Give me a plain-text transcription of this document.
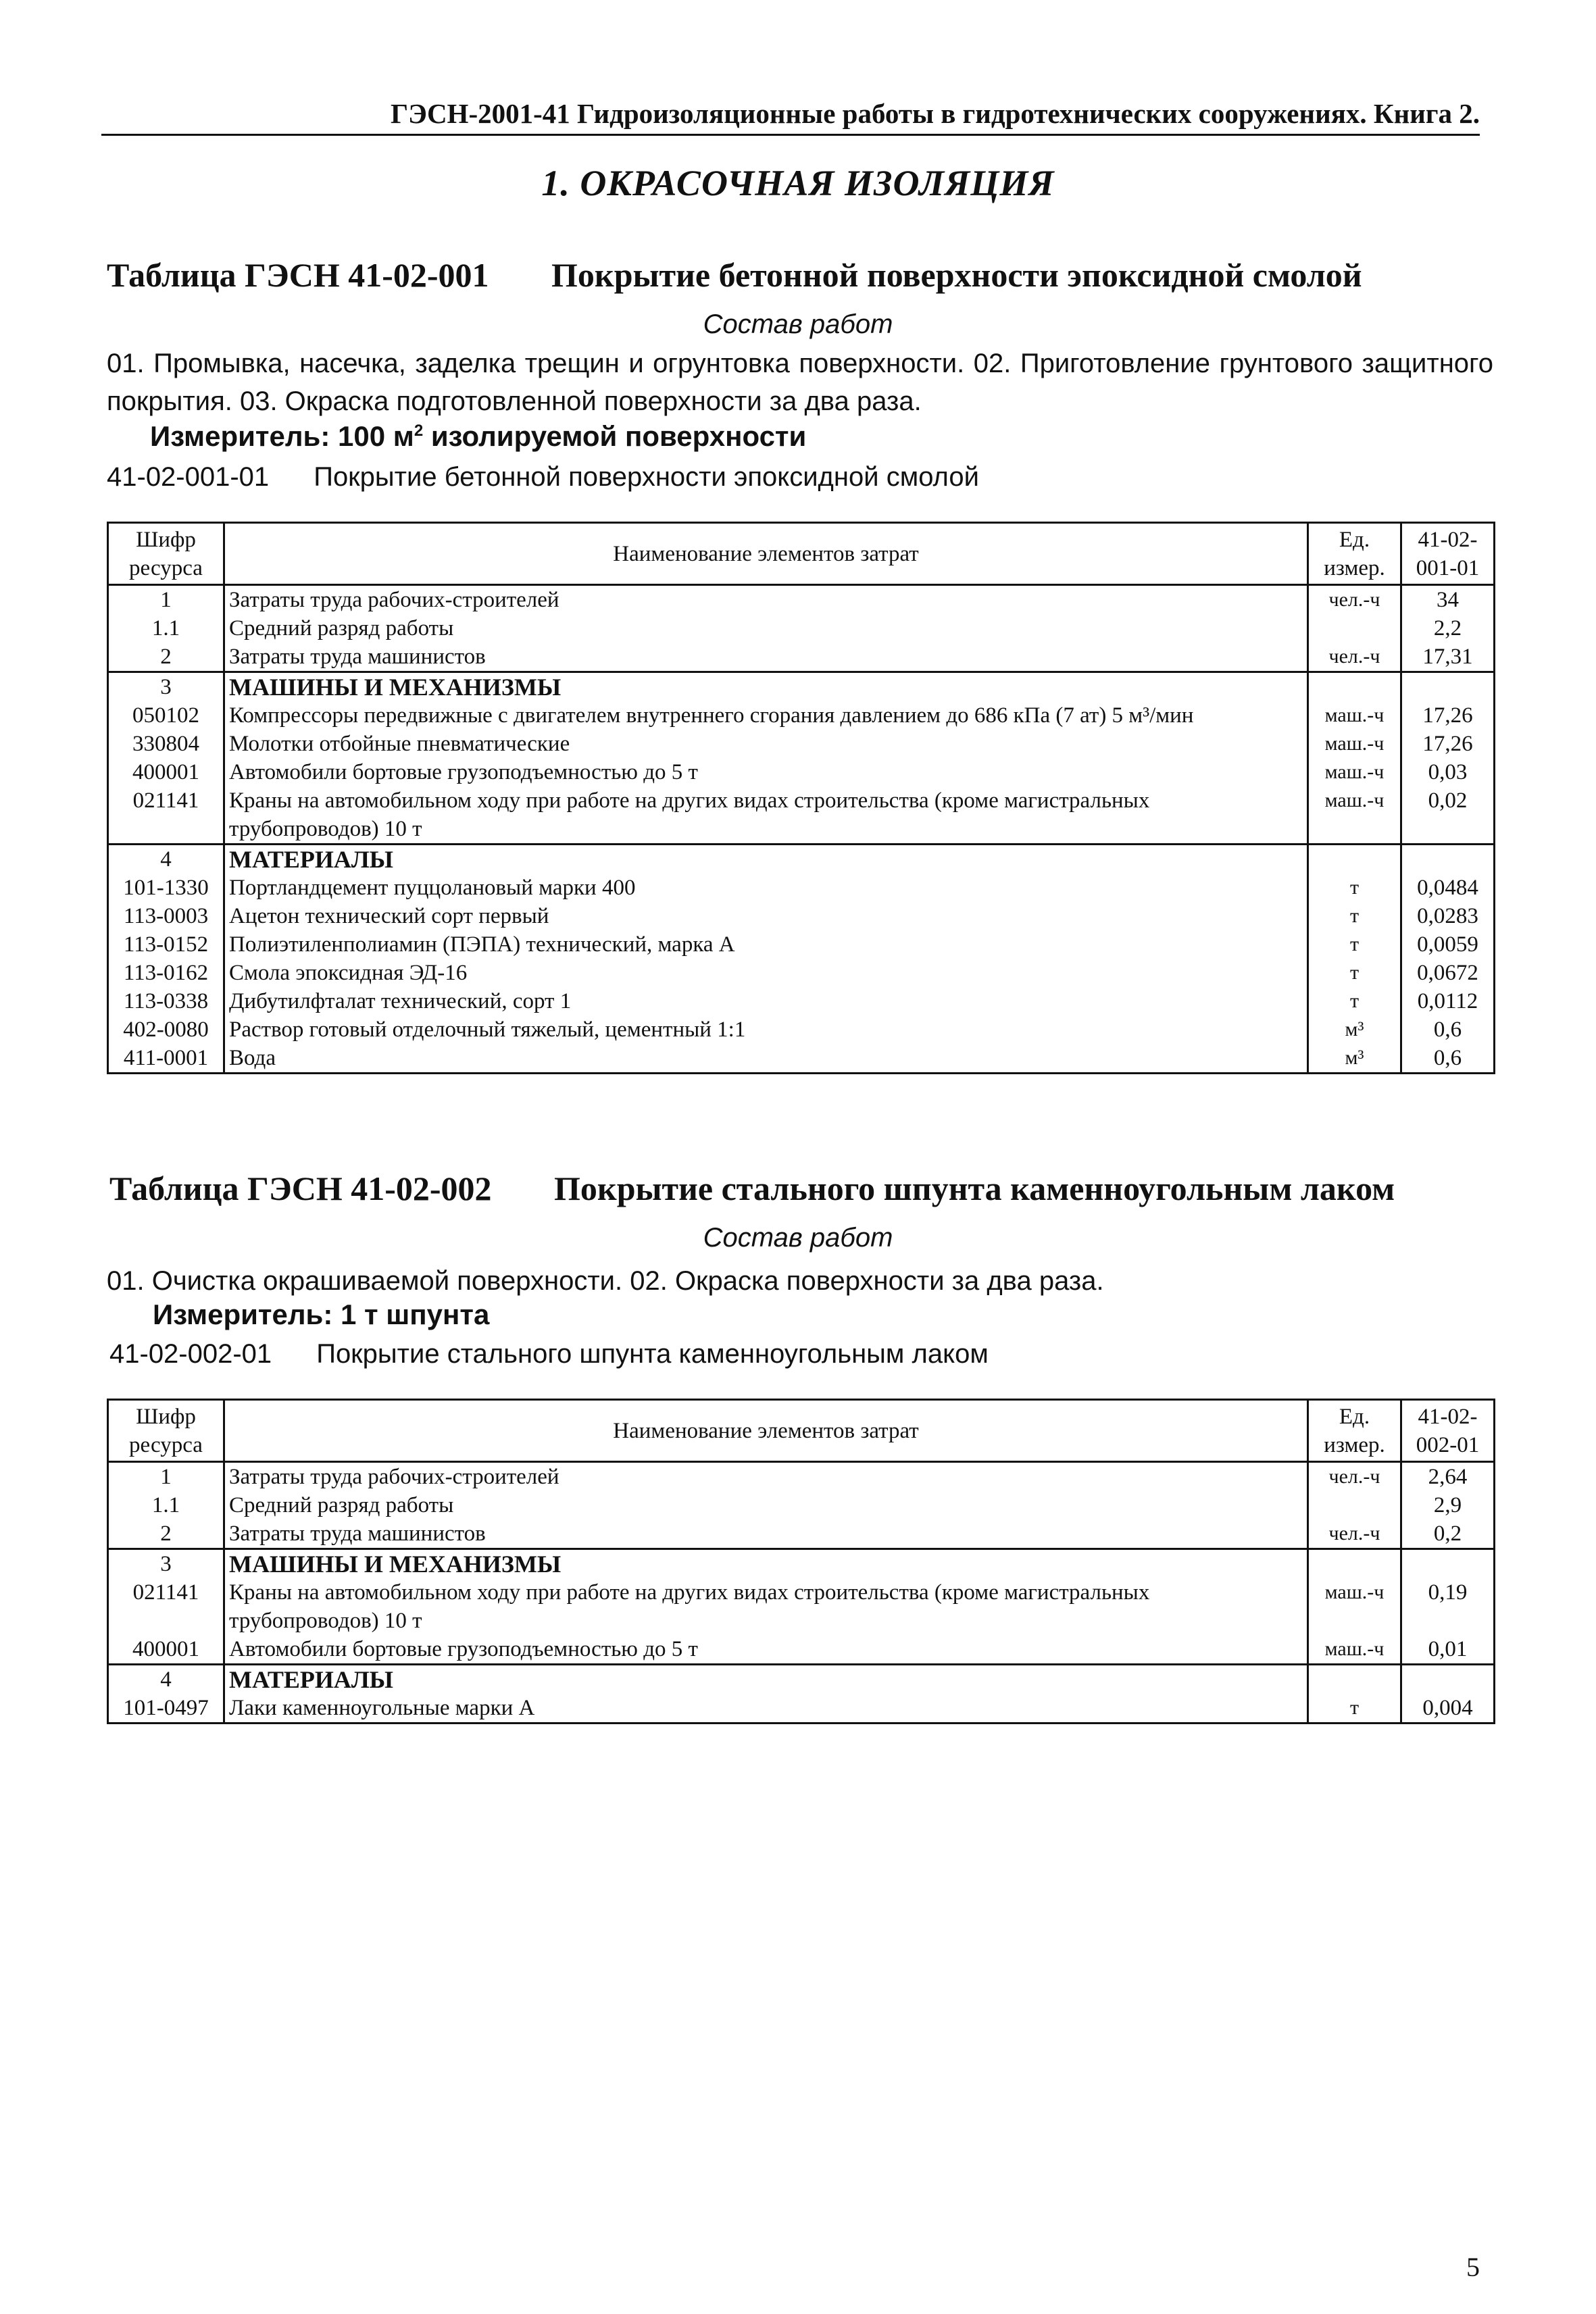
ГЭСН-2001-41 Гидроизоляционные работы в гидротехнических сооружениях. Книга 2.
1. ОКРАСОЧНАЯ ИЗОЛЯЦИЯ
Таблица ГЭСН 41-02-001 Покрытие бетонной поверхности эпоксидной смолой
Состав работ
01. Промывка, насечка, заделка трещин и огрунтовка поверхности. 02. Приготовление грунтового защитного покрытия. 03. Окраска подготовленной поверхности за два раза.
Измеритель: 100 $м^2$ изолируемой поверхности
41-02-001-01 Покрытие бетонной поверхности эпоксидной смолой
Шифр ресурса	Наименование элементов затрат	Ед. измер.	41-02-001-01
1	Затраты труда рабочих-строителей	чел.-ч	34
1.1	Средний разряд работы		2,2
2	Затраты труда машинистов	чел.-ч	17,31
3	МАШИНЫ И МЕХАНИЗМЫ		
050102	Компрессоры передвижные с двигателем внутреннего сгорания давлением до 686 кПа (7 ат) 5 м³/мин	маш.-ч	17,26
330804	Молотки отбойные пневматические	маш.-ч	17,26
400001	Автомобили бортовые грузоподъемностью до 5 т	маш.-ч	0,03
021141	Краны на автомобильном ходу при работе на других видах строительства (кроме магистральных трубопроводов) 10 т	маш.-ч	0,02
4	МАТЕРИАЛЫ		
101-1330	Портландцемент пуццолановый марки 400	т	0,0484
113-0003	Ацетон технический сорт первый	т	0,0283
113-0152	Полиэтиленполиамин (ПЭПА) технический, марка А	т	0,0059
113-0162	Смола эпоксидная ЭД-16	т	0,0672
113-0338	Дибутилфталат технический, сорт 1	т	0,0112
402-0080	Раствор готовый отделочный тяжелый, цементный 1:1	м³	0,6
411-0001	Вода	м³	0,6
Таблица ГЭСН 41-02-002 Покрытие стального шпунта каменноугольным лаком
Состав работ
01. Очистка окрашиваемой поверхности. 02. Окраска поверхности за два раза.
Измеритель: 1 т шпунта
41-02-002-01 Покрытие стального шпунта каменноугольным лаком
Шифр ресурса	Наименование элементов затрат	Ед. измер.	41-02-002-01
1	Затраты труда рабочих-строителей	чел.-ч	2,64
1.1	Средний разряд работы		2,9
2	Затраты труда машинистов	чел.-ч	0,2
3	МАШИНЫ И МЕХАНИЗМЫ		
021141	Краны на автомобильном ходу при работе на других видах строительства (кроме магистральных трубопроводов) 10 т	маш.-ч	0,19
400001	Автомобили бортовые грузоподъемностью до 5 т	маш.-ч	0,01
4	МАТЕРИАЛЫ		
101-0497	Лаки каменноугольные марки А	т	0,004
5
